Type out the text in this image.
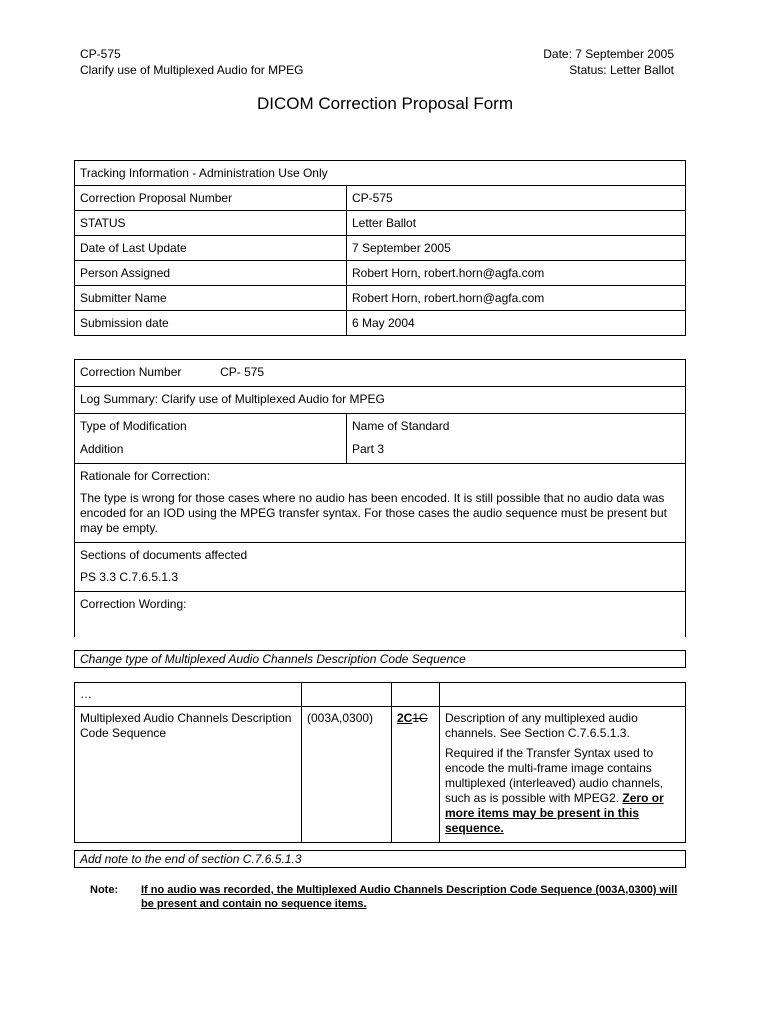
CP-575
Clarify use of Multiplexed Audio for MPEG
Date: 7 September 2005
Status: Letter Ballot
DICOM Correction Proposal Form
Tracking Information - Administration Use Only	
Correction Proposal Number	CP-575
STATUS	Letter Ballot
Date of Last Update	7 September 2005
Person Assigned	Robert Horn, robert.horn@agfa.com
Submitter Name	Robert Horn, robert.horn@agfa.com
Submission date	6 May 2004
Correction Number CP- 575	
Log Summary: Clarify use of Multiplexed Audio for MPEG	
Type of Modification	Name of Standard
Addition	Part 3

Rationale for Correction:

The type is wrong for those cases where no audio has been encoded. It is still possible that no audio data was encoded for an IOD using the MPEG transfer syntax. For those cases the audio sequence must be present but may be empty.	

Sections of documents affected

PS 3.3 C.7.6.5.1.3	

Correction Wording:	
Change type of Multiplexed Audio Channels Description Code Sequence
…			
Multiplexed Audio Channels Description Code Sequence	(003A,0300)	2C1C	Description of any multiplexed audio channels. See Section C.7.6.5.1.3.

Required if the Transfer Syntax used to encode the multi-frame image contains multiplexed (interleaved) audio channels, such as is possible with MPEG2. Zero or more items may be present in this sequence.

Add note to the end of section C.7.6.5.1.3
Note: If no audio was recorded, the Multiplexed Audio Channels Description Code Sequence (003A,0300) will be present and contain no sequence items.
